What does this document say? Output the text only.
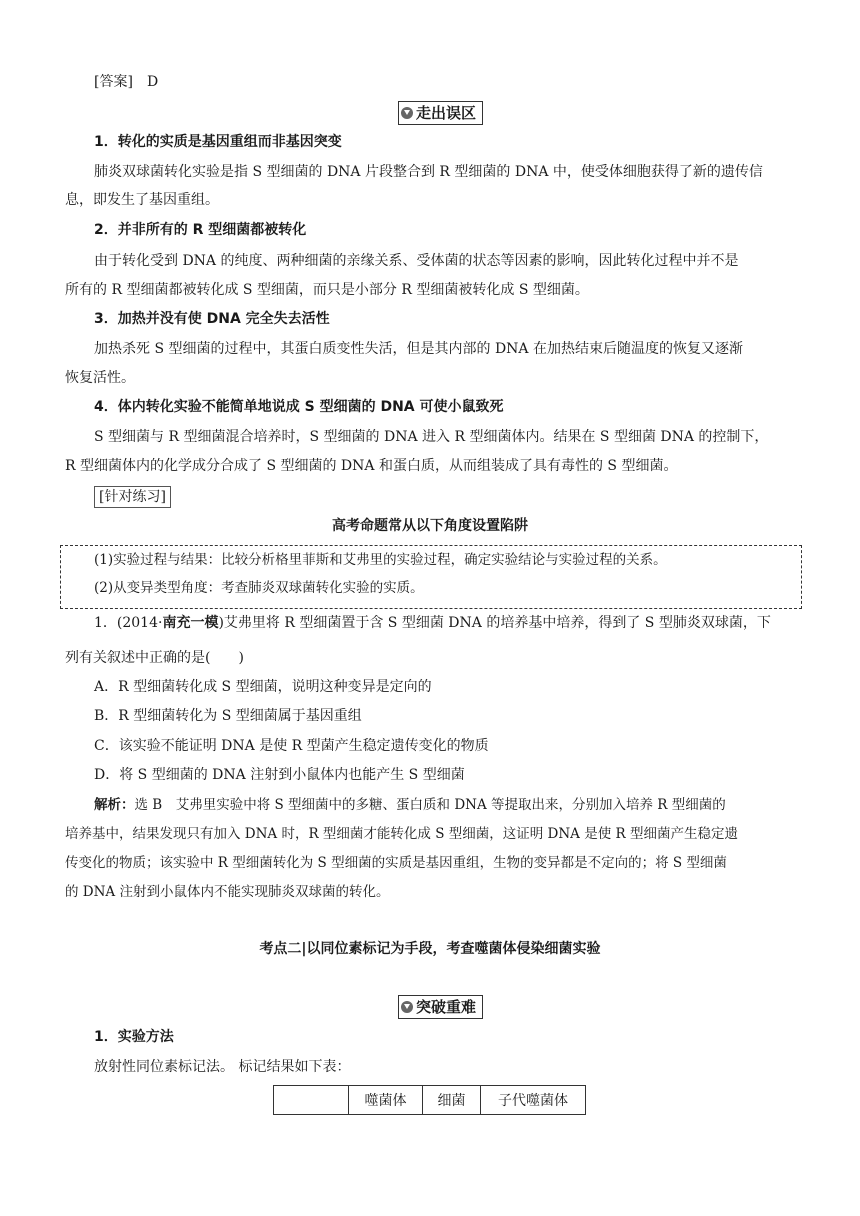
[答案] D
走出误区
1．转化的实质是基因重组而非基因突变
肺炎双球菌转化实验是指 S 型细菌的 DNA 片段整合到 R 型细菌的 DNA 中，使受体细胞获得了新的遗传信
息，即发生了基因重组。
2．并非所有的 R 型细菌都被转化
由于转化受到 DNA 的纯度、两种细菌的亲缘关系、受体菌的状态等因素的影响，因此转化过程中并不是
所有的 R 型细菌都被转化成 S 型细菌，而只是小部分 R 型细菌被转化成 S 型细菌。
3．加热并没有使 DNA 完全失去活性
加热杀死 S 型细菌的过程中，其蛋白质变性失活，但是其内部的 DNA 在加热结束后随温度的恢复又逐渐
恢复活性。
4．体内转化实验不能简单地说成 S 型细菌的 DNA 可使小鼠致死
S 型细菌与 R 型细菌混合培养时，S 型细菌的 DNA 进入 R 型细菌体内。结果在 S 型细菌 DNA 的控制下，
R 型细菌体内的化学成分合成了 S 型细菌的 DNA 和蛋白质，从而组装成了具有毒性的 S 型细菌。
[针对练习]
高考命题常从以下角度设置陷阱
(1)实验过程与结果：比较分析格里菲斯和艾弗里的实验过程，确定实验结论与实验过程的关系。
(2)从变异类型角度：考查肺炎双球菌转化实验的实质。
1．(2014·南充一模)艾弗里将 R 型细菌置于含 S 型细菌 DNA 的培养基中培养，得到了 S 型肺炎双球菌，下
列有关叙述中正确的是(　　)
A．R 型细菌转化成 S 型细菌，说明这种变异是定向的
B．R 型细菌转化为 S 型细菌属于基因重组
C．该实验不能证明 DNA 是使 R 型菌产生稳定遗传变化的物质
D．将 S 型细菌的 DNA 注射到小鼠体内也能产生 S 型细菌
解析：选 B　艾弗里实验中将 S 型细菌中的多糖、蛋白质和 DNA 等提取出来，分别加入培养 R 型细菌的
培养基中，结果发现只有加入 DNA 时，R 型细菌才能转化成 S 型细菌，这证明 DNA 是使 R 型细菌产生稳定遗
传变化的物质；该实验中 R 型细菌转化为 S 型细菌的实质是基因重组，生物的变异都是不定向的；将 S 型细菌
的 DNA 注射到小鼠体内不能实现肺炎双球菌的转化。
考点二|以同位素标记为手段，考查噬菌体侵染细菌实验
突破重难
1．实验方法
放射性同位素标记法。 标记结果如下表：
	噬菌体	细菌	子代噬菌体
